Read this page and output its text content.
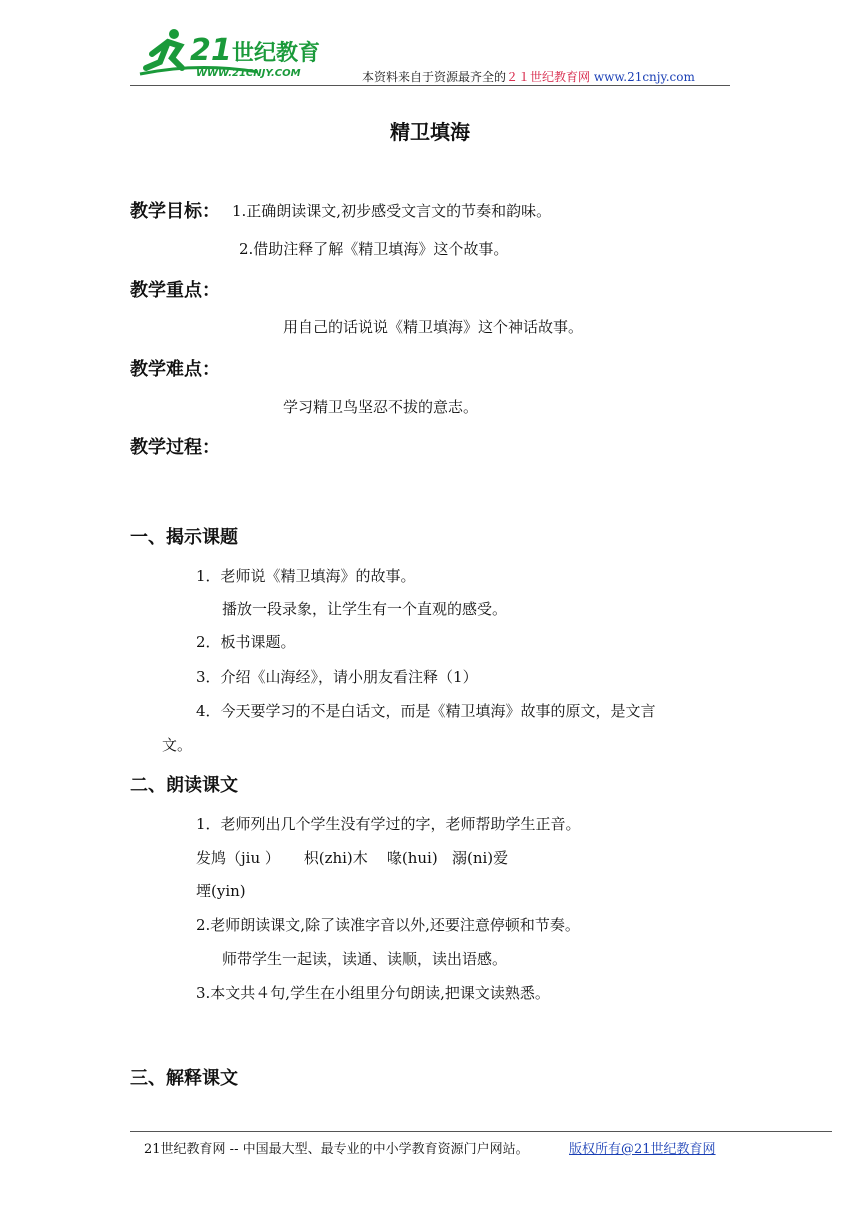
21 世纪教育
WWW.21CNJY.COM	本资料来自于资源最齐全的２１世纪教育网 www.21cnjy.com
精卫填海
教学目标： 1.正确朗读课文,初步感受文言文的节奏和韵味。
2.借助注释了解《精卫填海》这个故事。
教学重点：
用自己的话说说《精卫填海》这个神话故事。
教学难点：
学习精卫鸟坚忍不拔的意志。
教学过程：
一、揭示课题
1．老师说《精卫填海》的故事。
播放一段录象，让学生有一个直观的感受。
2．板书课题。
3．介绍《山海经》，请小朋友看注释（1）
4．今天要学习的不是白话文，而是《精卫填海》故事的原文，是文言
文。
二、朗读课文
1．老师列出几个学生没有学过的字，老师帮助学生正音。
发鸠（jiu ）     枳(zhi)木    喙(hui)   溺(ni)爱
堙(yin)
2.老师朗读课文,除了读准字音以外,还要注意停顿和节奏。
师带学生一起读，读通、读顺，读出语感。
3.本文共４句,学生在小组里分句朗读,把课文读熟悉。
三、解释课文
21世纪教育网 -- 中国最大型、最专业的中小学教育资源门户网站。	版权所有@21世纪教育网
